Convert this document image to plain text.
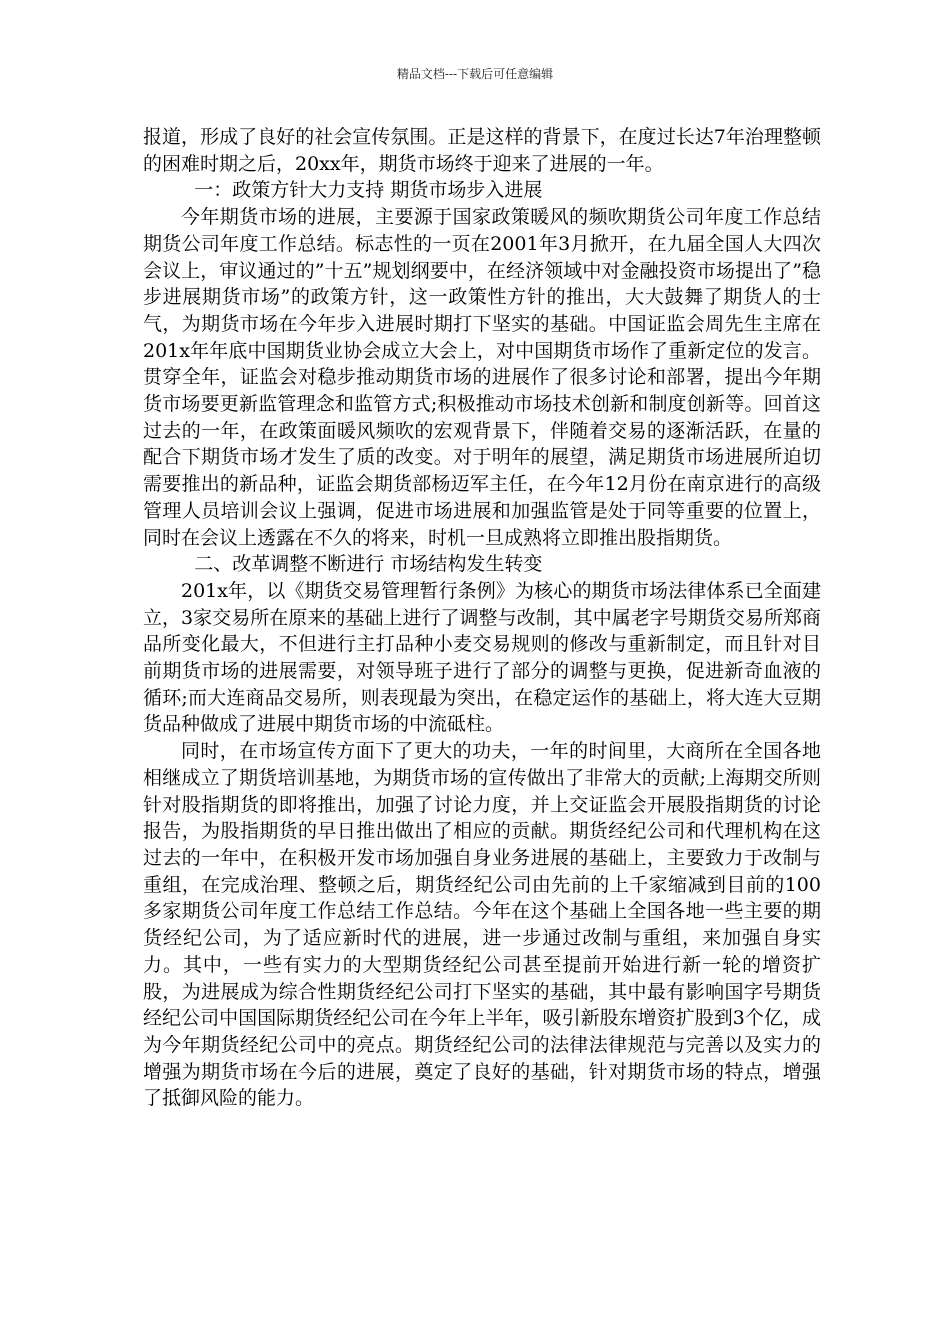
精品文档---下载后可任意编辑

报道，形成了良好的社会宣传氛围。正是这样的背景下，在度过长达7年治理整顿的困难时期之后，20xx年，期货市场终于迎来了进展的一年。

一：政策方针大力支持 期货市场步入进展

今年期货市场的进展，主要源于国家政策暖风的频吹期货公司年度工作总结期货公司年度工作总结。标志性的一页在2001年3月掀开，在九届全国人大四次会议上，审议通过的”十五”规划纲要中，在经济领域中对金融投资市场提出了”稳步进展期货市场”的政策方针，这一政策性方针的推出，大大鼓舞了期货人的士气，为期货市场在今年步入进展时期打下坚实的基础。中国证监会周先生主席在201x年年底中国期货业协会成立大会上，对中国期货市场作了重新定位的发言。贯穿全年，证监会对稳步推动期货市场的进展作了很多讨论和部署，提出今年期货市场要更新监管理念和监管方式;积极推动市场技术创新和制度创新等。回首这过去的一年，在政策面暖风频吹的宏观背景下，伴随着交易的逐渐活跃，在量的配合下期货市场才发生了质的改变。对于明年的展望，满足期货市场进展所迫切需要推出的新品种，证监会期货部杨迈军主任，在今年12月份在南京进行的高级管理人员培训会议上强调，促进市场进展和加强监管是处于同等重要的位置上，同时在会议上透露在不久的将来，时机一旦成熟将立即推出股指期货。

二、改革调整不断进行 市场结构发生转变

201x年，以《期货交易管理暂行条例》为核心的期货市场法律体系已全面建立，3家交易所在原来的基础上进行了调整与改制，其中属老字号期货交易所郑商品所变化最大，不但进行主打品种小麦交易规则的修改与重新制定，而且针对目前期货市场的进展需要，对领导班子进行了部分的调整与更换，促进新奇血液的循环;而大连商品交易所，则表现最为突出，在稳定运作的基础上，将大连大豆期货品种做成了进展中期货市场的中流砥柱。

同时，在市场宣传方面下了更大的功夫，一年的时间里，大商所在全国各地相继成立了期货培训基地，为期货市场的宣传做出了非常大的贡献;上海期交所则针对股指期货的即将推出，加强了讨论力度，并上交证监会开展股指期货的讨论报告，为股指期货的早日推出做出了相应的贡献。期货经纪公司和代理机构在这过去的一年中，在积极开发市场加强自身业务进展的基础上，主要致力于改制与重组，在完成治理、整顿之后，期货经纪公司由先前的上千家缩减到目前的100多家期货公司年度工作总结工作总结。今年在这个基础上全国各地一些主要的期货经纪公司，为了适应新时代的进展，进一步通过改制与重组，来加强自身实力。其中，一些有实力的大型期货经纪公司甚至提前开始进行新一轮的增资扩股，为进展成为综合性期货经纪公司打下坚实的基础，其中最有影响国字号期货经纪公司中国国际期货经纪公司在今年上半年，吸引新股东增资扩股到3个亿，成为今年期货经纪公司中的亮点。期货经纪公司的法律法律规范与完善以及实力的增强为期货市场在今后的进展，奠定了良好的基础，针对期货市场的特点，增强了抵御风险的能力。
